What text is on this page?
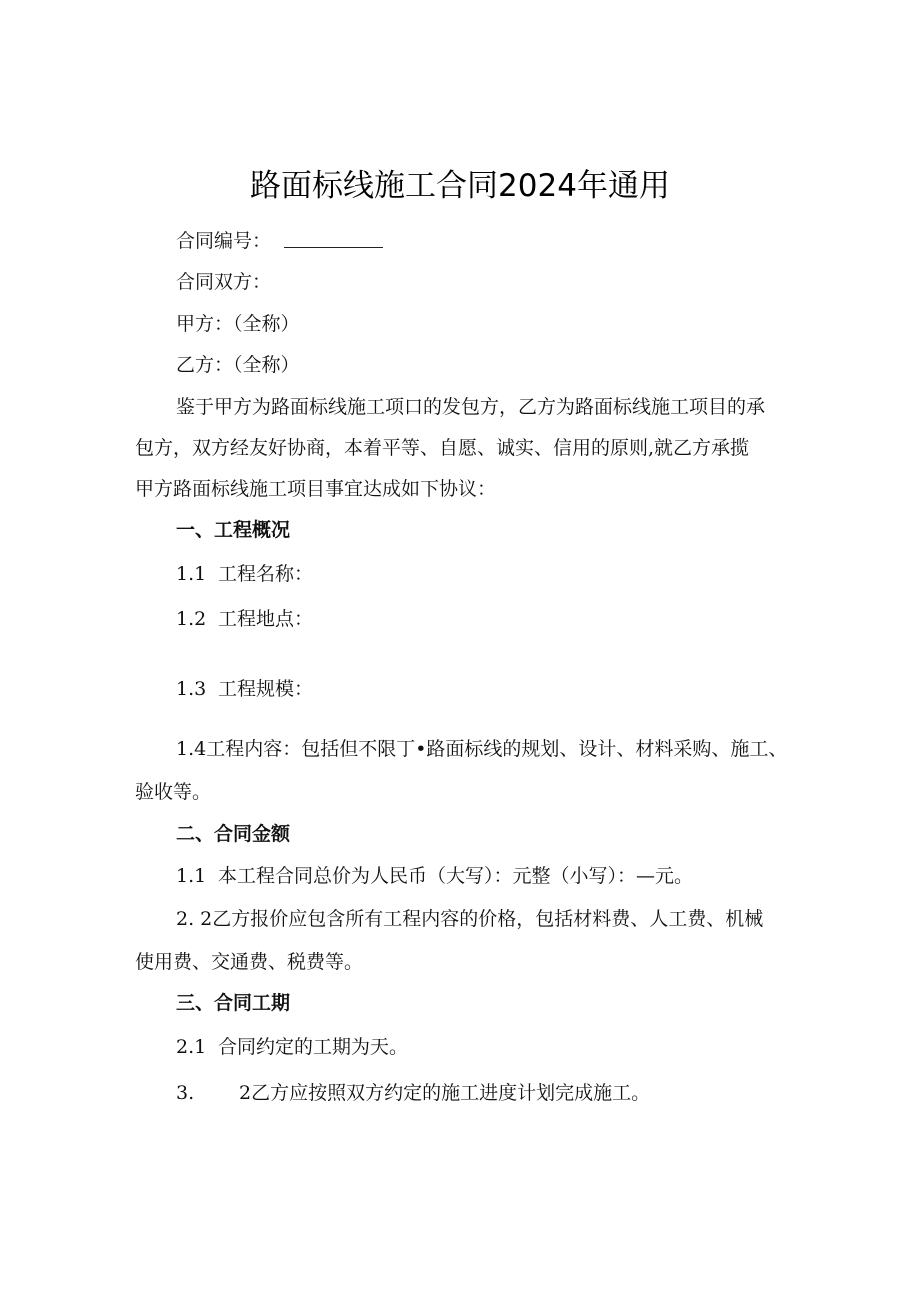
路面标线施工合同2024年通用
合同编号：
合同双方：
甲方：（全称）
乙方：（全称）
鉴于甲方为路面标线施工项口的发包方，乙方为路面标线施工项目的承
包方，双方经友好协商，本着平等、自愿、诚实、信用的原则,就乙方承揽
甲方路面标线施工项目事宜达成如下协议：
一、工程概况
1.1 工程名称：
1.2 工程地点：
1.3 工程规模：
1.4工程内容：包括但不限丁•路面标线的规划、设计、材料采购、施工、
验收等。
二、合同金额
1.1 本工程合同总价为人民币（大写）：元整（小写）：—元。
2. 2乙方报价应包含所有工程内容的价格，包括材料费、人工费、机械
使用费、交通费、税费等。
三、合同工期
2.1 合同约定的工期为天。
3. 2乙方应按照双方约定的施工进度计划完成施工。
